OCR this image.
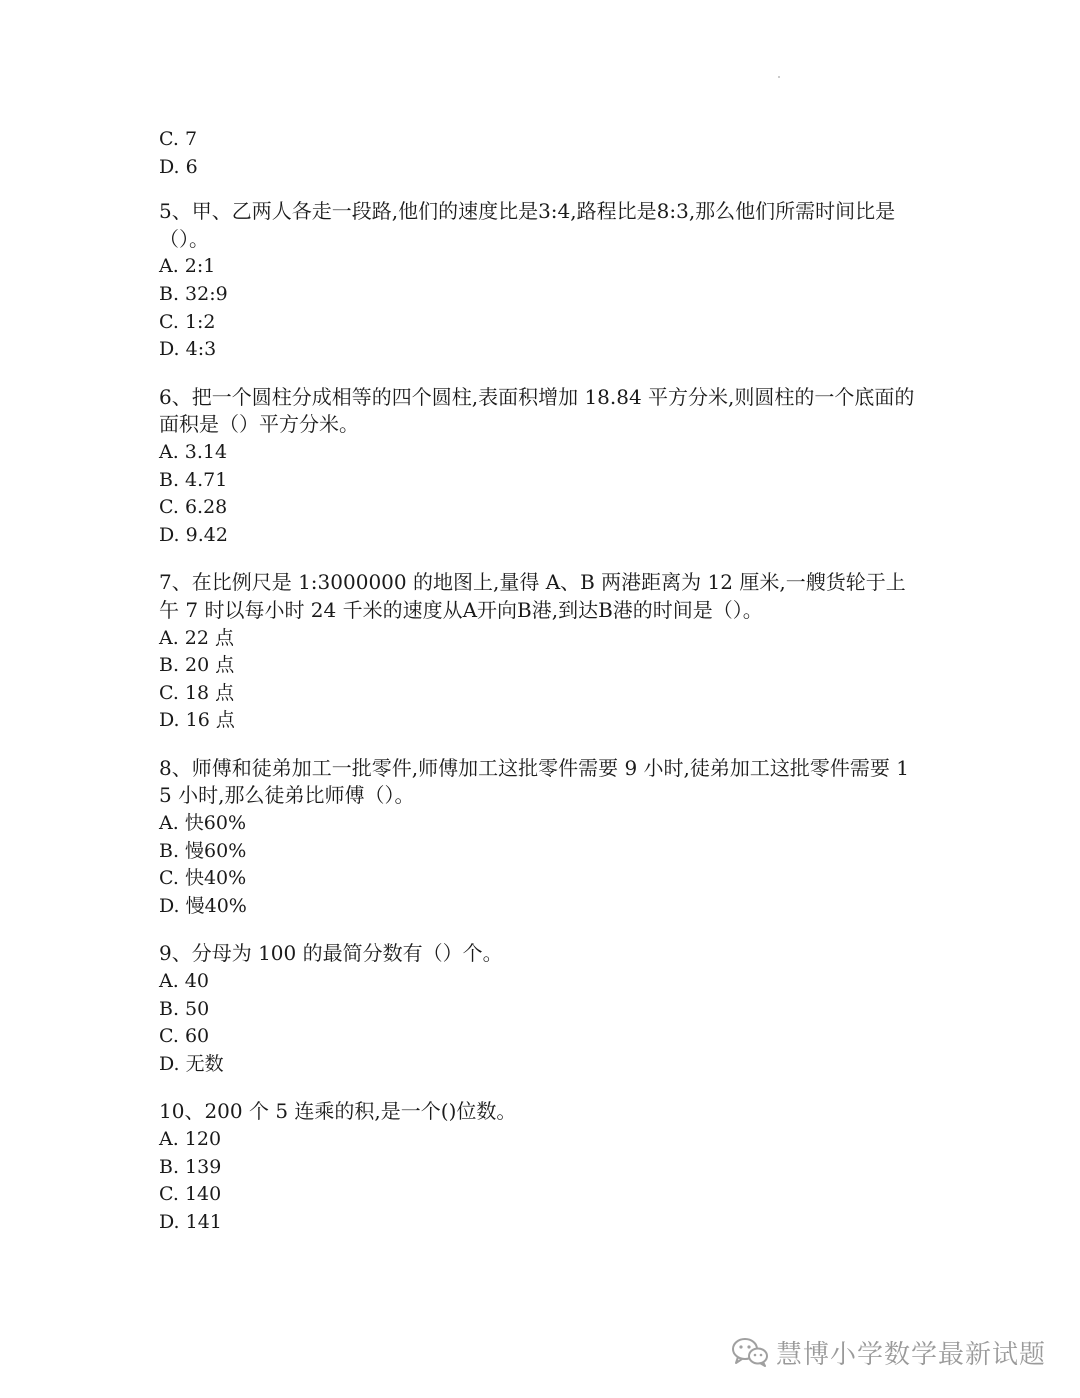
C. 7
D. 6
5、甲、乙两人各走一段路,他们的速度比是3:4,路程比是8:3,那么他们所需时间比是（）。
A. 2:1
B. 32:9
C. 1:2
D. 4:3
6、把一个圆柱分成相等的四个圆柱,表面积增加 18.84 平方分米,则圆柱的一个底面的面积是（）平方分米。
A. 3.14
B. 4.71
C. 6.28
D. 9.42
7、在比例尺是 1:3000000 的地图上,量得 A、B 两港距离为 12 厘米,一艘货轮于上午 7 时以每小时 24 千米的速度从A开向B港,到达B港的时间是（）。
A. 22 点
B. 20 点
C. 18 点
D. 16 点
8、师傅和徒弟加工一批零件,师傅加工这批零件需要 9 小时,徒弟加工这批零件需要 15 小时,那么徒弟比师傅（）。
A. 快60%
B. 慢60%
C. 快40%
D. 慢40%
9、分母为 100 的最简分数有（）个。
A. 40
B. 50
C. 60
D. 无数
10、200 个 5 连乘的积,是一个()位数。
A. 120
B. 139
C. 140
D. 141
慧博小学数学最新试题
